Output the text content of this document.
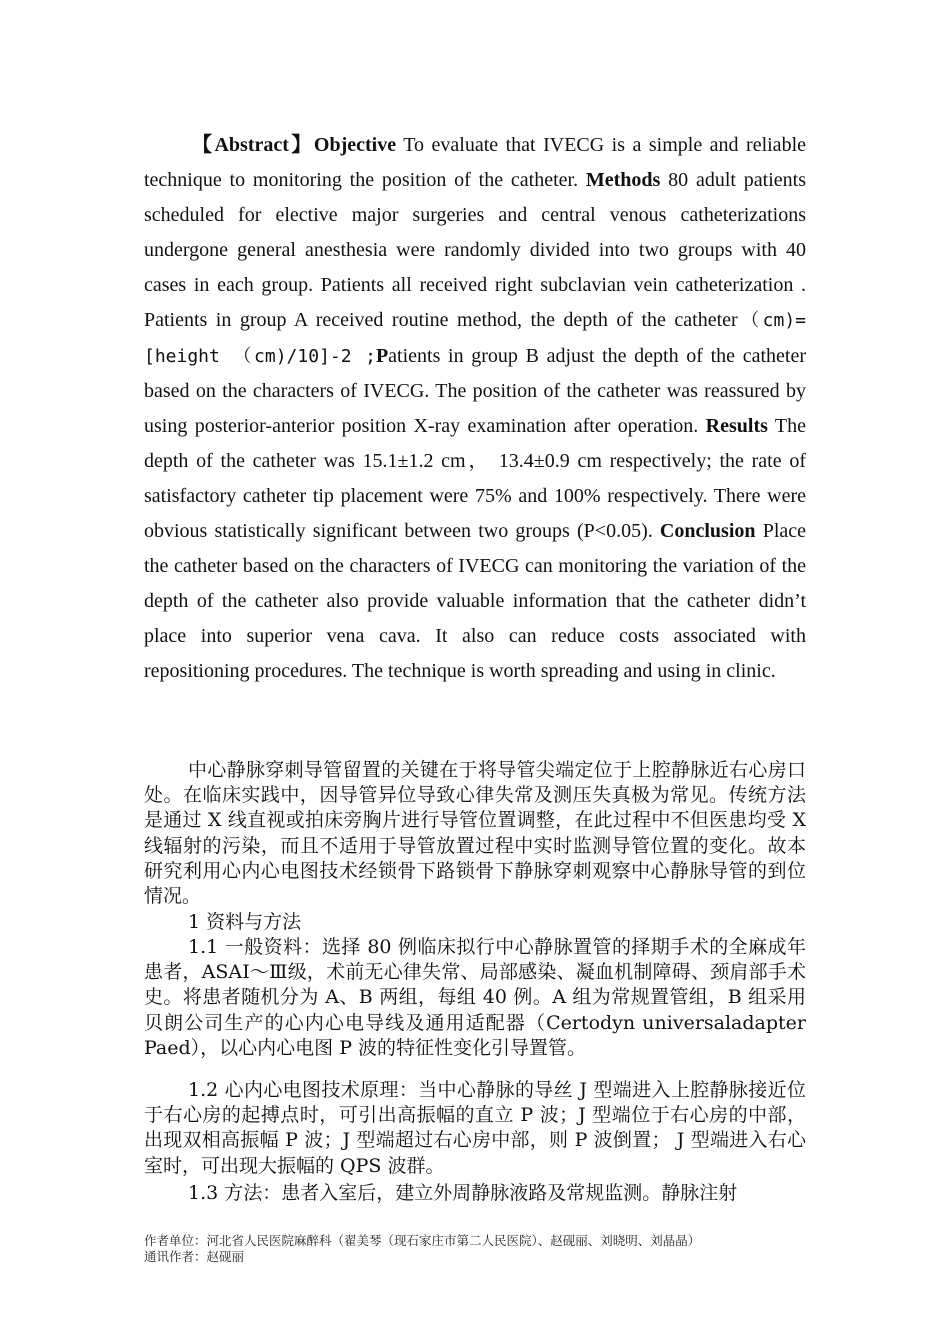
【Abstract】Objective To evaluate that IVECG is a simple and reliable technique to monitoring the position of the catheter. Methods 80 adult patients scheduled for elective major surgeries and central venous catheterizations undergone general anesthesia were randomly divided into two groups with 40 cases in each group. Patients all received right subclavian vein catheterization . Patients in group A received routine method, the depth of the catheter（cm)= [height （cm)/10]-2 ;Patients in group B adjust the depth of the catheter based on the characters of IVECG. The position of the catheter was reassured by using posterior-anterior position X-ray examination after operation. Results The depth of the catheter was 15.1±1.2 cm， 13.4±0.9 cm respectively; the rate of satisfactory catheter tip placement were 75% and 100% respectively. There were obvious statistically significant between two groups (P<0.05). Conclusion Place the catheter based on the characters of IVECG can monitoring the variation of the depth of the catheter also provide valuable information that the catheter didn’t place into superior vena cava. It also can reduce costs associated with repositioning procedures. The technique is worth spreading and using in clinic.

中心静脉穿刺导管留置的关键在于将导管尖端定位于上腔静脉近右心房口处。在临床实践中，因导管异位导致心律失常及测压失真极为常见。传统方法是通过 X 线直视或拍床旁胸片进行导管位置调整，在此过程中不但医患均受 X 线辐射的污染，而且不适用于导管放置过程中实时监测导管位置的变化。故本研究利用心内心电图技术经锁骨下路锁骨下静脉穿刺观察中心静脉导管的到位情况。

1 资料与方法

1.1 一般资料：选择 80 例临床拟行中心静脉置管的择期手术的全麻成年患者，ASAⅠ～Ⅲ级，术前无心律失常、局部感染、凝血机制障碍、颈肩部手术史。将患者随机分为 A、B 两组，每组 40 例。A 组为常规置管组，B 组采用贝朗公司生产的心内心电导线及通用适配器（Certodyn universaladapter Paed），以心内心电图 P 波的特征性变化引导置管。

1.2 心内心电图技术原理：当中心静脉的导丝 J 型端进入上腔静脉接近位于右心房的起搏点时，可引出高振幅的直立 P 波；J 型端位于右心房的中部，出现双相高振幅 P 波；J 型端超过右心房中部，则 P 波倒置； J 型端进入右心室时，可出现大振幅的 QPS 波群。

1.3 方法：患者入室后，建立外周静脉液路及常规监测。静脉注射

作者单位：河北省人民医院麻醉科（翟美琴（现石家庄市第二人民医院）、赵砚丽、刘晓明、刘晶晶）
通讯作者：赵砚丽
